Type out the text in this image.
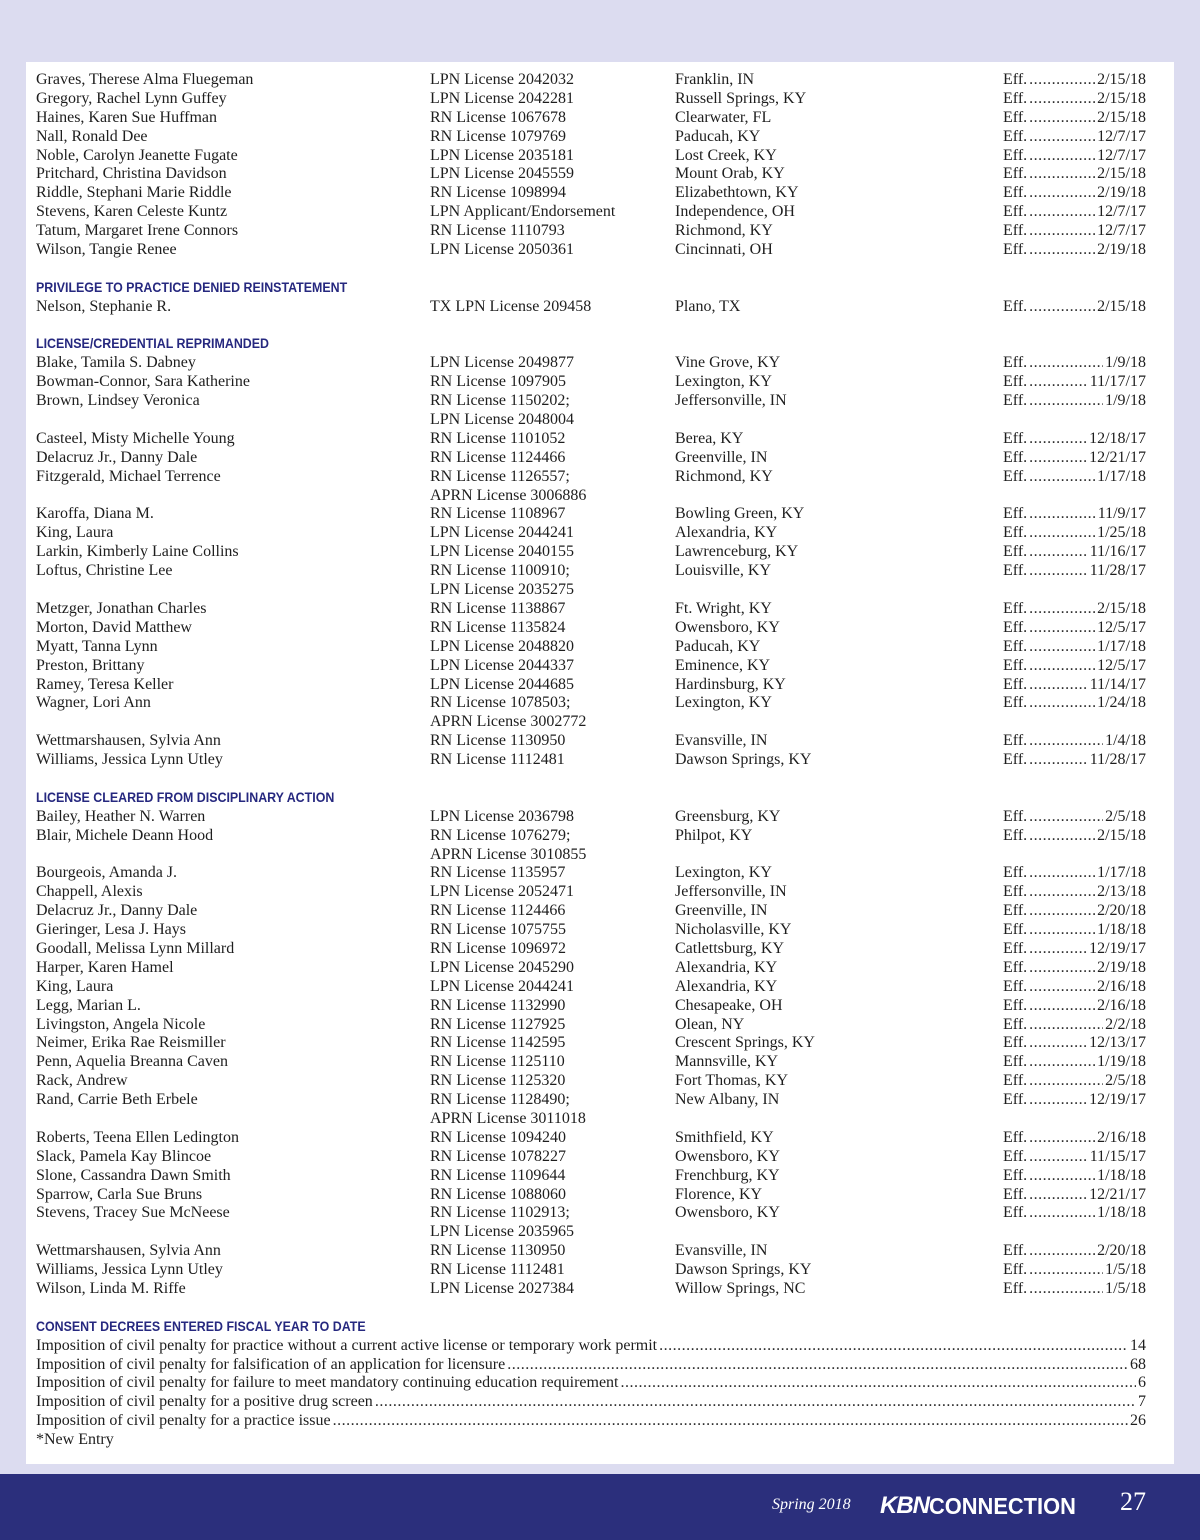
Graves, Therese Alma Fluegeman	LPN License 2042032	Franklin, IN	Eff. .....	2/15/18
Gregory, Rachel Lynn Guffey	LPN License 2042281	Russell Springs, KY	Eff. .....	2/15/18
Haines, Karen Sue Huffman	RN License 1067678	Clearwater, FL	Eff. .....	2/15/18
Nall, Ronald Dee	RN License 1079769	Paducah, KY	Eff. .....	12/7/17
Noble, Carolyn Jeanette Fugate	LPN License 2035181	Lost Creek, KY	Eff. .....	12/7/17
Pritchard, Christina Davidson	LPN License 2045559	Mount Orab, KY	Eff. .....	2/15/18
Riddle, Stephani Marie Riddle	RN License 1098994	Elizabethtown, KY	Eff. .....	2/19/18
Stevens, Karen Celeste Kuntz	LPN Applicant/Endorsement	Independence, OH	Eff. .....	12/7/17
Tatum, Margaret Irene Connors	RN License 1110793	Richmond, KY	Eff. .....	12/7/17
Wilson, Tangie Renee	LPN License 2050361	Cincinnati, OH	Eff. .....	2/19/18
PRIVILEGE TO PRACTICE DENIED REINSTATEMENT
Nelson, Stephanie R.	TX LPN License 209458	Plano, TX	Eff. .....	2/15/18
LICENSE/CREDENTIAL REPRIMANDED
Blake, Tamila S. Dabney	LPN License 2049877	Vine Grove, KY	Eff. .....	1/9/18
Bowman-Connor, Sara Katherine	RN License 1097905	Lexington, KY	Eff. .....	11/17/17
Brown, Lindsey Veronica	RN License 1150202;	Jeffersonville, IN	Eff. .....	1/9/18
LPN License 2048004
Casteel, Misty Michelle Young	RN License 1101052	Berea, KY	Eff. .....	12/18/17
Delacruz Jr., Danny Dale	RN License 1124466	Greenville, IN	Eff. .....	12/21/17
Fitzgerald, Michael Terrence	RN License 1126557;	Richmond, KY	Eff. .....	1/17/18
APRN License 3006886
Karoffa, Diana M.	RN License 1108967	Bowling Green, KY	Eff. .....	11/9/17
King, Laura	LPN License 2044241	Alexandria, KY	Eff. .....	1/25/18
Larkin, Kimberly Laine Collins	LPN License 2040155	Lawrenceburg, KY	Eff. .....	11/16/17
Loftus, Christine Lee	RN License 1100910;	Louisville, KY	Eff. .....	11/28/17
LPN License 2035275
Metzger, Jonathan Charles	RN License 1138867	Ft. Wright, KY	Eff. .....	2/15/18
Morton, David Matthew	RN License 1135824	Owensboro, KY	Eff. .....	12/5/17
Myatt, Tanna Lynn	LPN License 2048820	Paducah, KY	Eff. .....	1/17/18
Preston, Brittany	LPN License 2044337	Eminence, KY	Eff. .....	12/5/17
Ramey, Teresa Keller	LPN License 2044685	Hardinsburg, KY	Eff. .....	11/14/17
Wagner, Lori Ann	RN License 1078503;	Lexington, KY	Eff. .....	1/24/18
APRN License 3002772
Wettmarshausen, Sylvia Ann	RN License 1130950	Evansville, IN	Eff. .....	1/4/18
Williams, Jessica Lynn Utley	RN License 1112481	Dawson Springs, KY	Eff. .....	11/28/17
LICENSE CLEARED FROM DISCIPLINARY ACTION
Bailey, Heather N. Warren	LPN License 2036798	Greensburg, KY	Eff. .....	2/5/18
Blair, Michele Deann Hood	RN License 1076279;	Philpot, KY	Eff. .....	2/15/18
APRN License 3010855
Bourgeois, Amanda J.	RN License 1135957	Lexington, KY	Eff. .....	1/17/18
Chappell, Alexis	LPN License 2052471	Jeffersonville, IN	Eff. .....	2/13/18
Delacruz Jr., Danny Dale	RN License 1124466	Greenville, IN	Eff. .....	2/20/18
Gieringer, Lesa J. Hays	RN License 1075755	Nicholasville, KY	Eff. .....	1/18/18
Goodall, Melissa Lynn Millard	RN License 1096972	Catlettsburg, KY	Eff. .....	12/19/17
Harper, Karen Hamel	LPN License 2045290	Alexandria, KY	Eff. .....	2/19/18
King, Laura	LPN License 2044241	Alexandria, KY	Eff. .....	2/16/18
Legg, Marian L.	RN License 1132990	Chesapeake, OH	Eff. .....	2/16/18
Livingston, Angela Nicole	RN License 1127925	Olean, NY	Eff. .....	2/2/18
Neimer, Erika Rae Reismiller	RN License 1142595	Crescent Springs, KY	Eff. .....	12/13/17
Penn, Aquelia Breanna Caven	RN License 1125110	Mannsville, KY	Eff. .....	1/19/18
Rack, Andrew	RN License 1125320	Fort Thomas, KY	Eff. .....	2/5/18
Rand, Carrie Beth Erbele	RN License 1128490;	New Albany, IN	Eff. .....	12/19/17
APRN License 3011018
Roberts, Teena Ellen Ledington	RN License 1094240	Smithfield, KY	Eff. .....	2/16/18
Slack, Pamela Kay Blincoe	RN License 1078227	Owensboro, KY	Eff. .....	11/15/17
Slone, Cassandra Dawn Smith	RN License 1109644	Frenchburg, KY	Eff. .....	1/18/18
Sparrow, Carla Sue Bruns	RN License 1088060	Florence, KY	Eff. .....	12/21/17
Stevens, Tracey Sue McNeese	RN License 1102913;	Owensboro, KY	Eff. .....	1/18/18
LPN License 2035965
Wettmarshausen, Sylvia Ann	RN License 1130950	Evansville, IN	Eff. .....	2/20/18
Williams, Jessica Lynn Utley	RN License 1112481	Dawson Springs, KY	Eff. .....	1/5/18
Wilson, Linda M. Riffe	LPN License 2027384	Willow Springs, NC	Eff. .....	1/5/18
CONSENT DECREES ENTERED FISCAL YEAR TO DATE
Imposition of civil penalty for practice without a current active license or temporary work permit .....	14
Imposition of civil penalty for falsification of an application for licensure .....	68
Imposition of civil penalty for failure to meet mandatory continuing education requirement .....	6
Imposition of civil penalty for a positive drug screen .....	7
Imposition of civil penalty for a practice issue .....	26
*New Entry
Spring 2018 KBN CONNECTION 27
